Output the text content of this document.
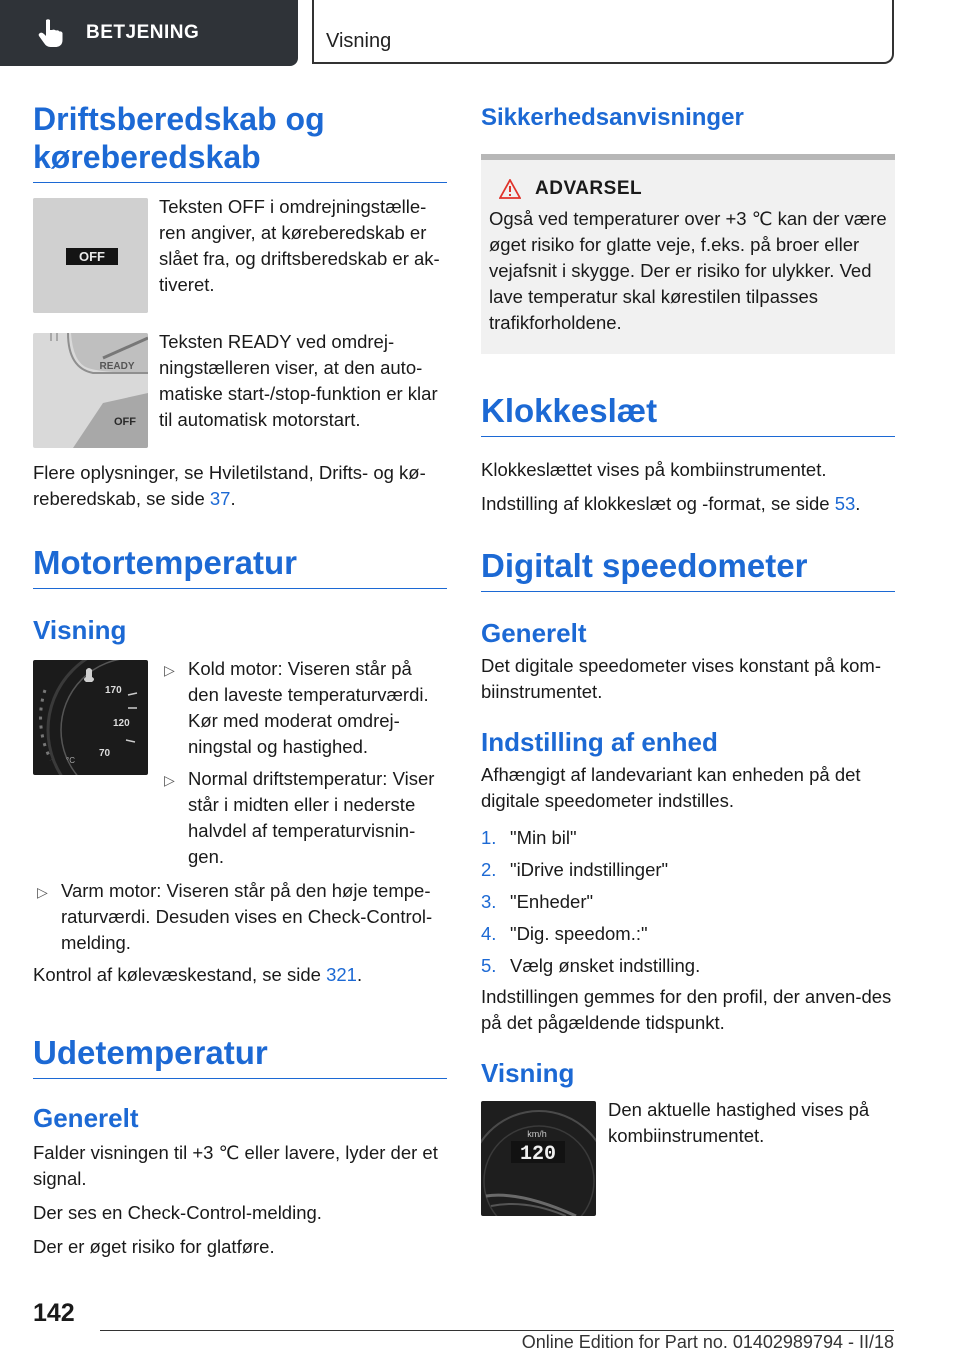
BETJENING	Visning
Driftsberedskab og
køreberedskab
OFF

Teksten OFF i omdrejningstælle-ren angiver, at køreberedskab er slået fra, og driftsberedskab er ak-tiveret.

READY
OFF

Teksten READY ved omdrej-ningstælleren viser, at den auto-matiske start-/stop-funktion er klar til automatisk motorstart.

Flere oplysninger, se Hviletilstand, Drifts- og kø-reberedskab, se side 37.

Motortemperatur
Visning
170
120
70
°C
▷ Kold motor: Viseren står på den laveste temperaturværdi. Kør med moderat omdrej-ningstal og hastighed.
▷ Normal driftstemperatur: Viser står i midten eller i nederste halvdel af temperaturvisnin-gen.
▷ Varm motor: Viseren står på den høje tempe-raturværdi. Desuden vises en Check-Control-melding.

Kontrol af kølevæskestand, se side 321.

Udetemperatur
Generelt

Falder visningen til +3 ℃ eller lavere, lyder der et signal.

Der ses en Check-Control-melding.

Der er øget risiko for glatføre.

Sikkerhedsanvisninger
ADVARSEL

Også ved temperaturer over +3 ℃ kan der være øget risiko for glatte veje, f.eks. på broer eller vejafsnit i skygge. Der er risiko for ulykker. Ved lave temperatur skal kørestilen tilpasses trafikforholdene.

Klokkeslæt

Klokkeslættet vises på kombiinstrumentet.

Indstilling af klokkeslæt og -format, se side 53.

Digitalt speedometer
Generelt

Det digitale speedometer vises konstant på kom-biinstrumentet.

Indstilling af enhed

Afhængigt af landevariant kan enheden på det digitale speedometer indstilles.

1. "Min bil"
2. "iDrive indstillinger"
3. "Enheder"
4. "Dig. speedom.:"
5. Vælg ønsket indstilling.

Indstillingen gemmes for den profil, der anven-des på det pågældende tidspunkt.

Visning
km/h
120

Den aktuelle hastighed vises på kombiinstrumentet.

142
Online Edition for Part no. 01402989794 - II/18
